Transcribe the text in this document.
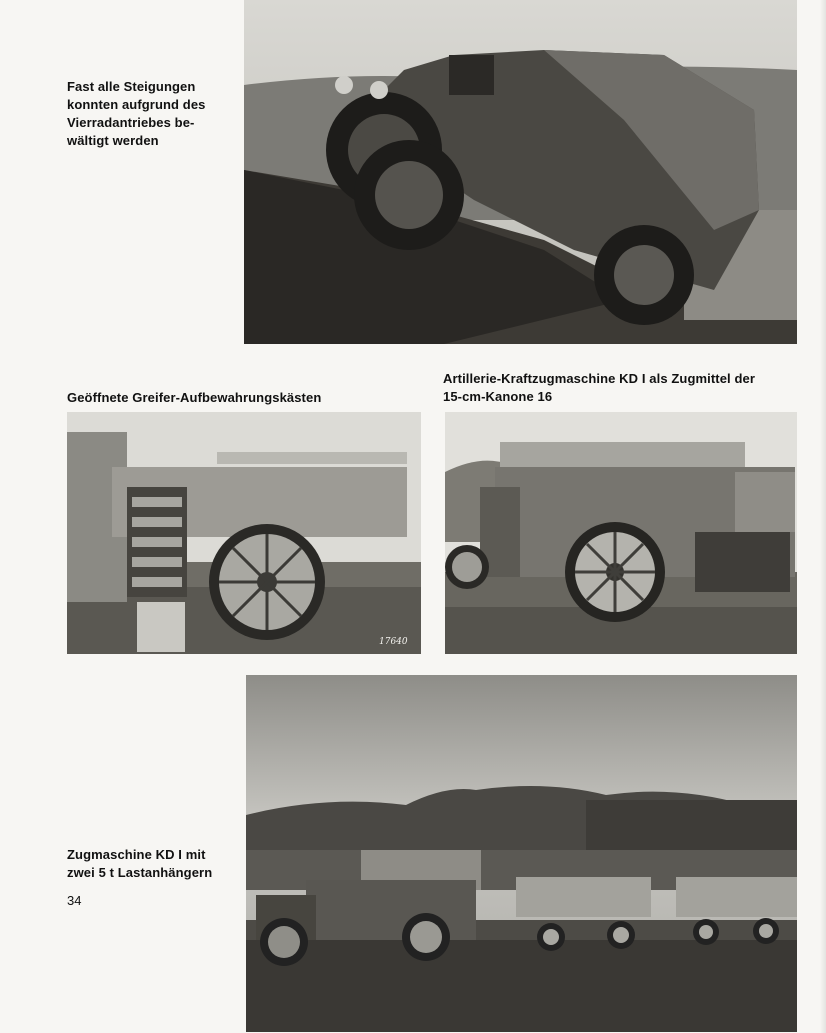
Fast alle Steigungen
konnten aufgrund des
Vierradantriebes be-
wältigt werden
Geöffnete Greifer-Aufbewahrungskästen
Artillerie-Kraftzugmaschine KD I als Zugmittel der
15-cm-Kanone 16
17640
Zugmaschine KD I mit
zwei 5 t Lastanhängern
34
